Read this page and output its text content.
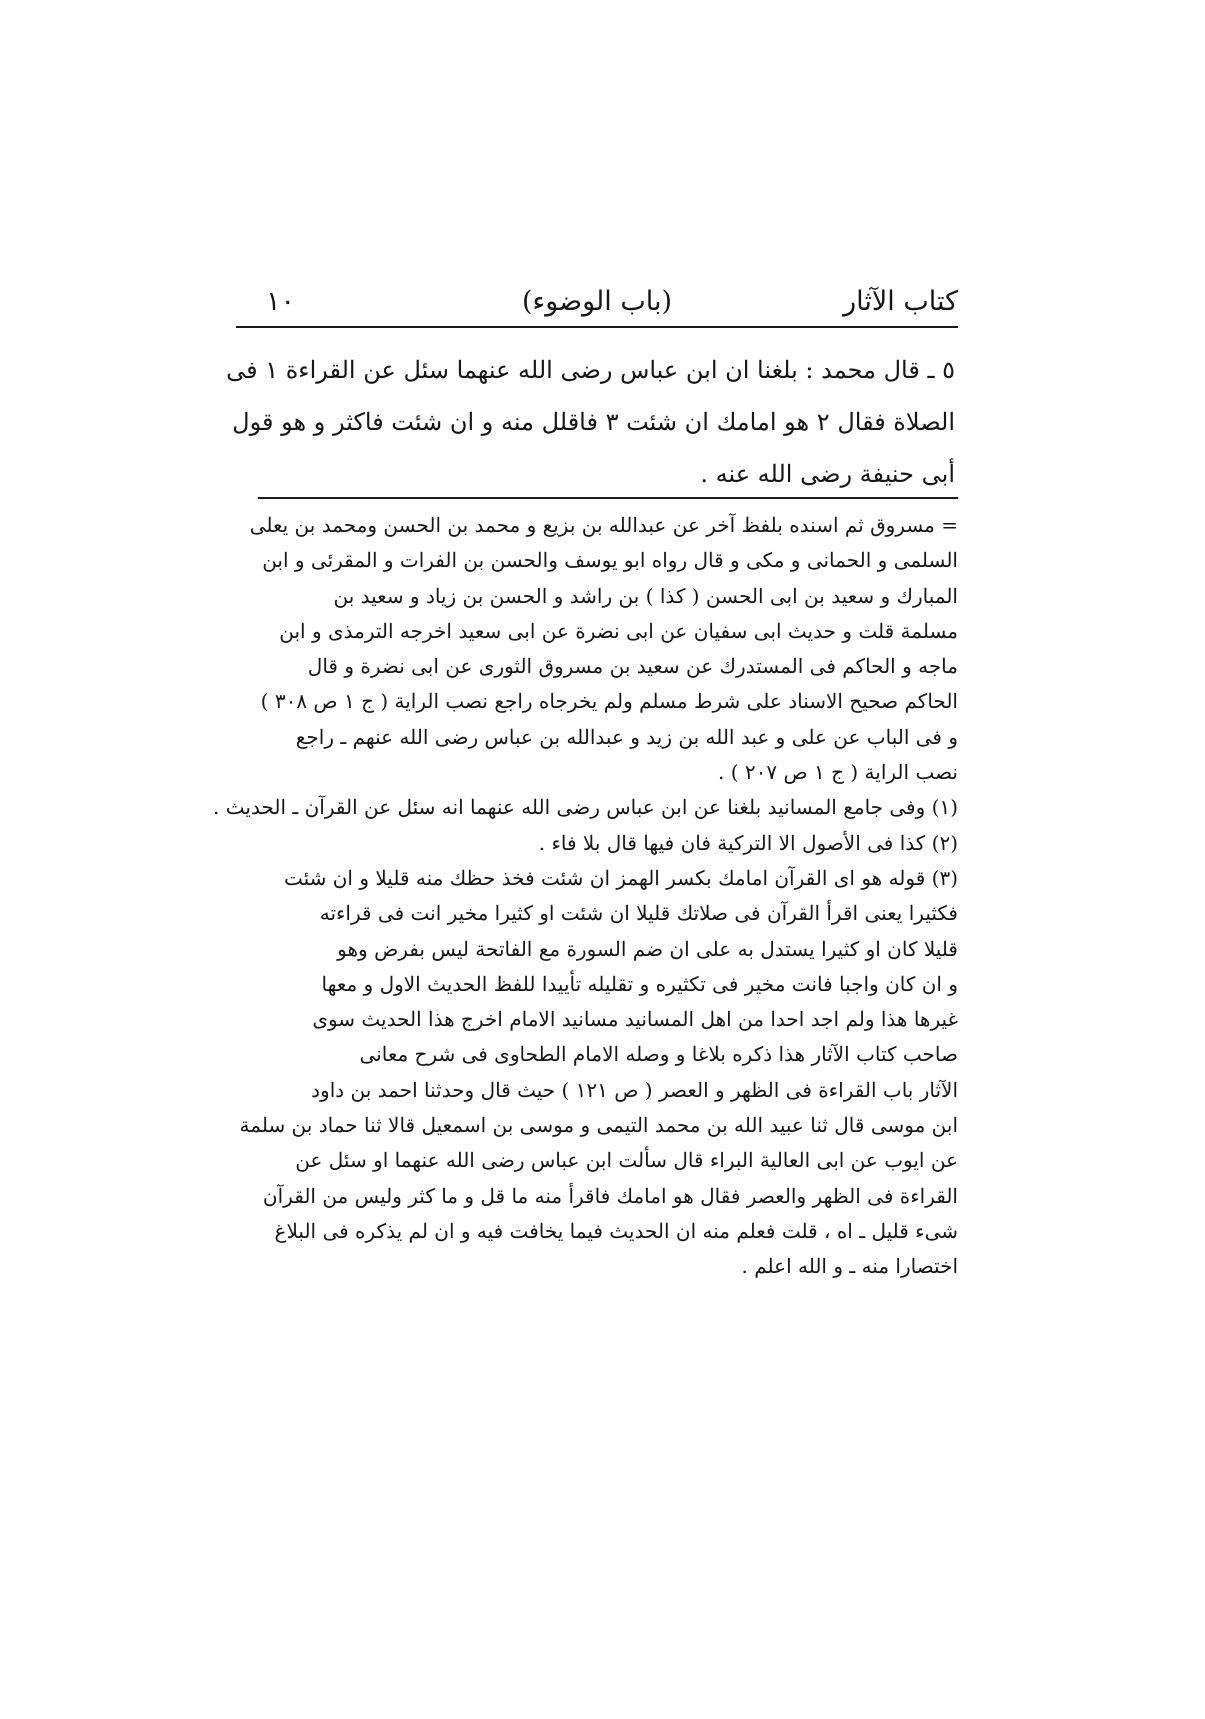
كتاب الآثار
(باب الوضوء)
١٠
٥ ـ قال محمد : بلغنا ان ابن عباس رضى الله عنهما سئل عن القراءة ١ فى
الصلاة فقال ٢ هو امامك ان شئت ٣ فاقلل منه و ان شئت فاكثر و هو قول
أبى حنيفة رضى الله عنه .
= مسروق ثم اسنده بلفظ آخر عن عبدالله بن بزيع و محمد بن الحسن ومحمد بن يعلى
السلمى و الحمانى و مكى و قال رواه ابو يوسف والحسن بن الفرات و المقرئى و ابن
المبارك و سعيد بن ابى الحسن ( كذا ) بن راشد و الحسن بن زياد و سعيد بن
مسلمة قلت و حديث ابى سفيان عن ابى نضرة عن ابى سعيد اخرجه الترمذى و ابن
ماجه و الحاكم فى المستدرك عن سعيد بن مسروق الثورى عن ابى نضرة و قال
الحاكم صحيح الاسناد على شرط مسلم ولم يخرجاه راجع نصب الراية ( ج ١ ص ٣٠٨ )
و فى الباب عن على و عبد الله بن زيد و عبدالله بن عباس رضى الله عنهم ـ راجع
نصب الراية ( ج ١ ص ٢٠٧ ) .
(١) وفى جامع المسانيد بلغنا عن ابن عباس رضى الله عنهما انه سئل عن القرآن ـ الحديث .
(٢) كذا فى الأصول الا التركية فان فيها قال بلا فاء .
(٣) قوله هو اى القرآن امامك بكسر الهمز ان شئت فخذ حظك منه قليلا و ان شئت
فكثيرا يعنى اقرأ القرآن فى صلاتك قليلا ان شئت او كثيرا مخير انت فى قراءته
قليلا كان او كثيرا يستدل به على ان ضم السورة مع الفاتحة ليس بفرض وهو
و ان كان واجبا فانت مخير فى تكثيره و تقليله تأييدا للفظ الحديث الاول و معها
غيرها هذا ولم اجد احدا من اهل المسانيد مسانيد الامام اخرج هذا الحديث سوى
صاحب كتاب الآثار هذا ذكره بلاغا و وصله الامام الطحاوى فى شرح معانى
الآثار باب القراءة فى الظهر و العصر ( ص ١٢١ ) حيث قال وحدثنا احمد بن داود
ابن موسى قال ثنا عبيد الله بن محمد التيمى و موسى بن اسمعيل قالا ثنا حماد بن سلمة
عن ايوب عن ابى العالية البراء قال سألت ابن عباس رضى الله عنهما او سئل عن
القراءة فى الظهر والعصر فقال هو امامك فاقرأ منه ما قل و ما كثر وليس من القرآن
شىء قليل ـ اه ، قلت فعلم منه ان الحديث فيما يخافت فيه و ان لم يذكره فى البلاغ
اختصارا منه ـ و الله اعلم .
